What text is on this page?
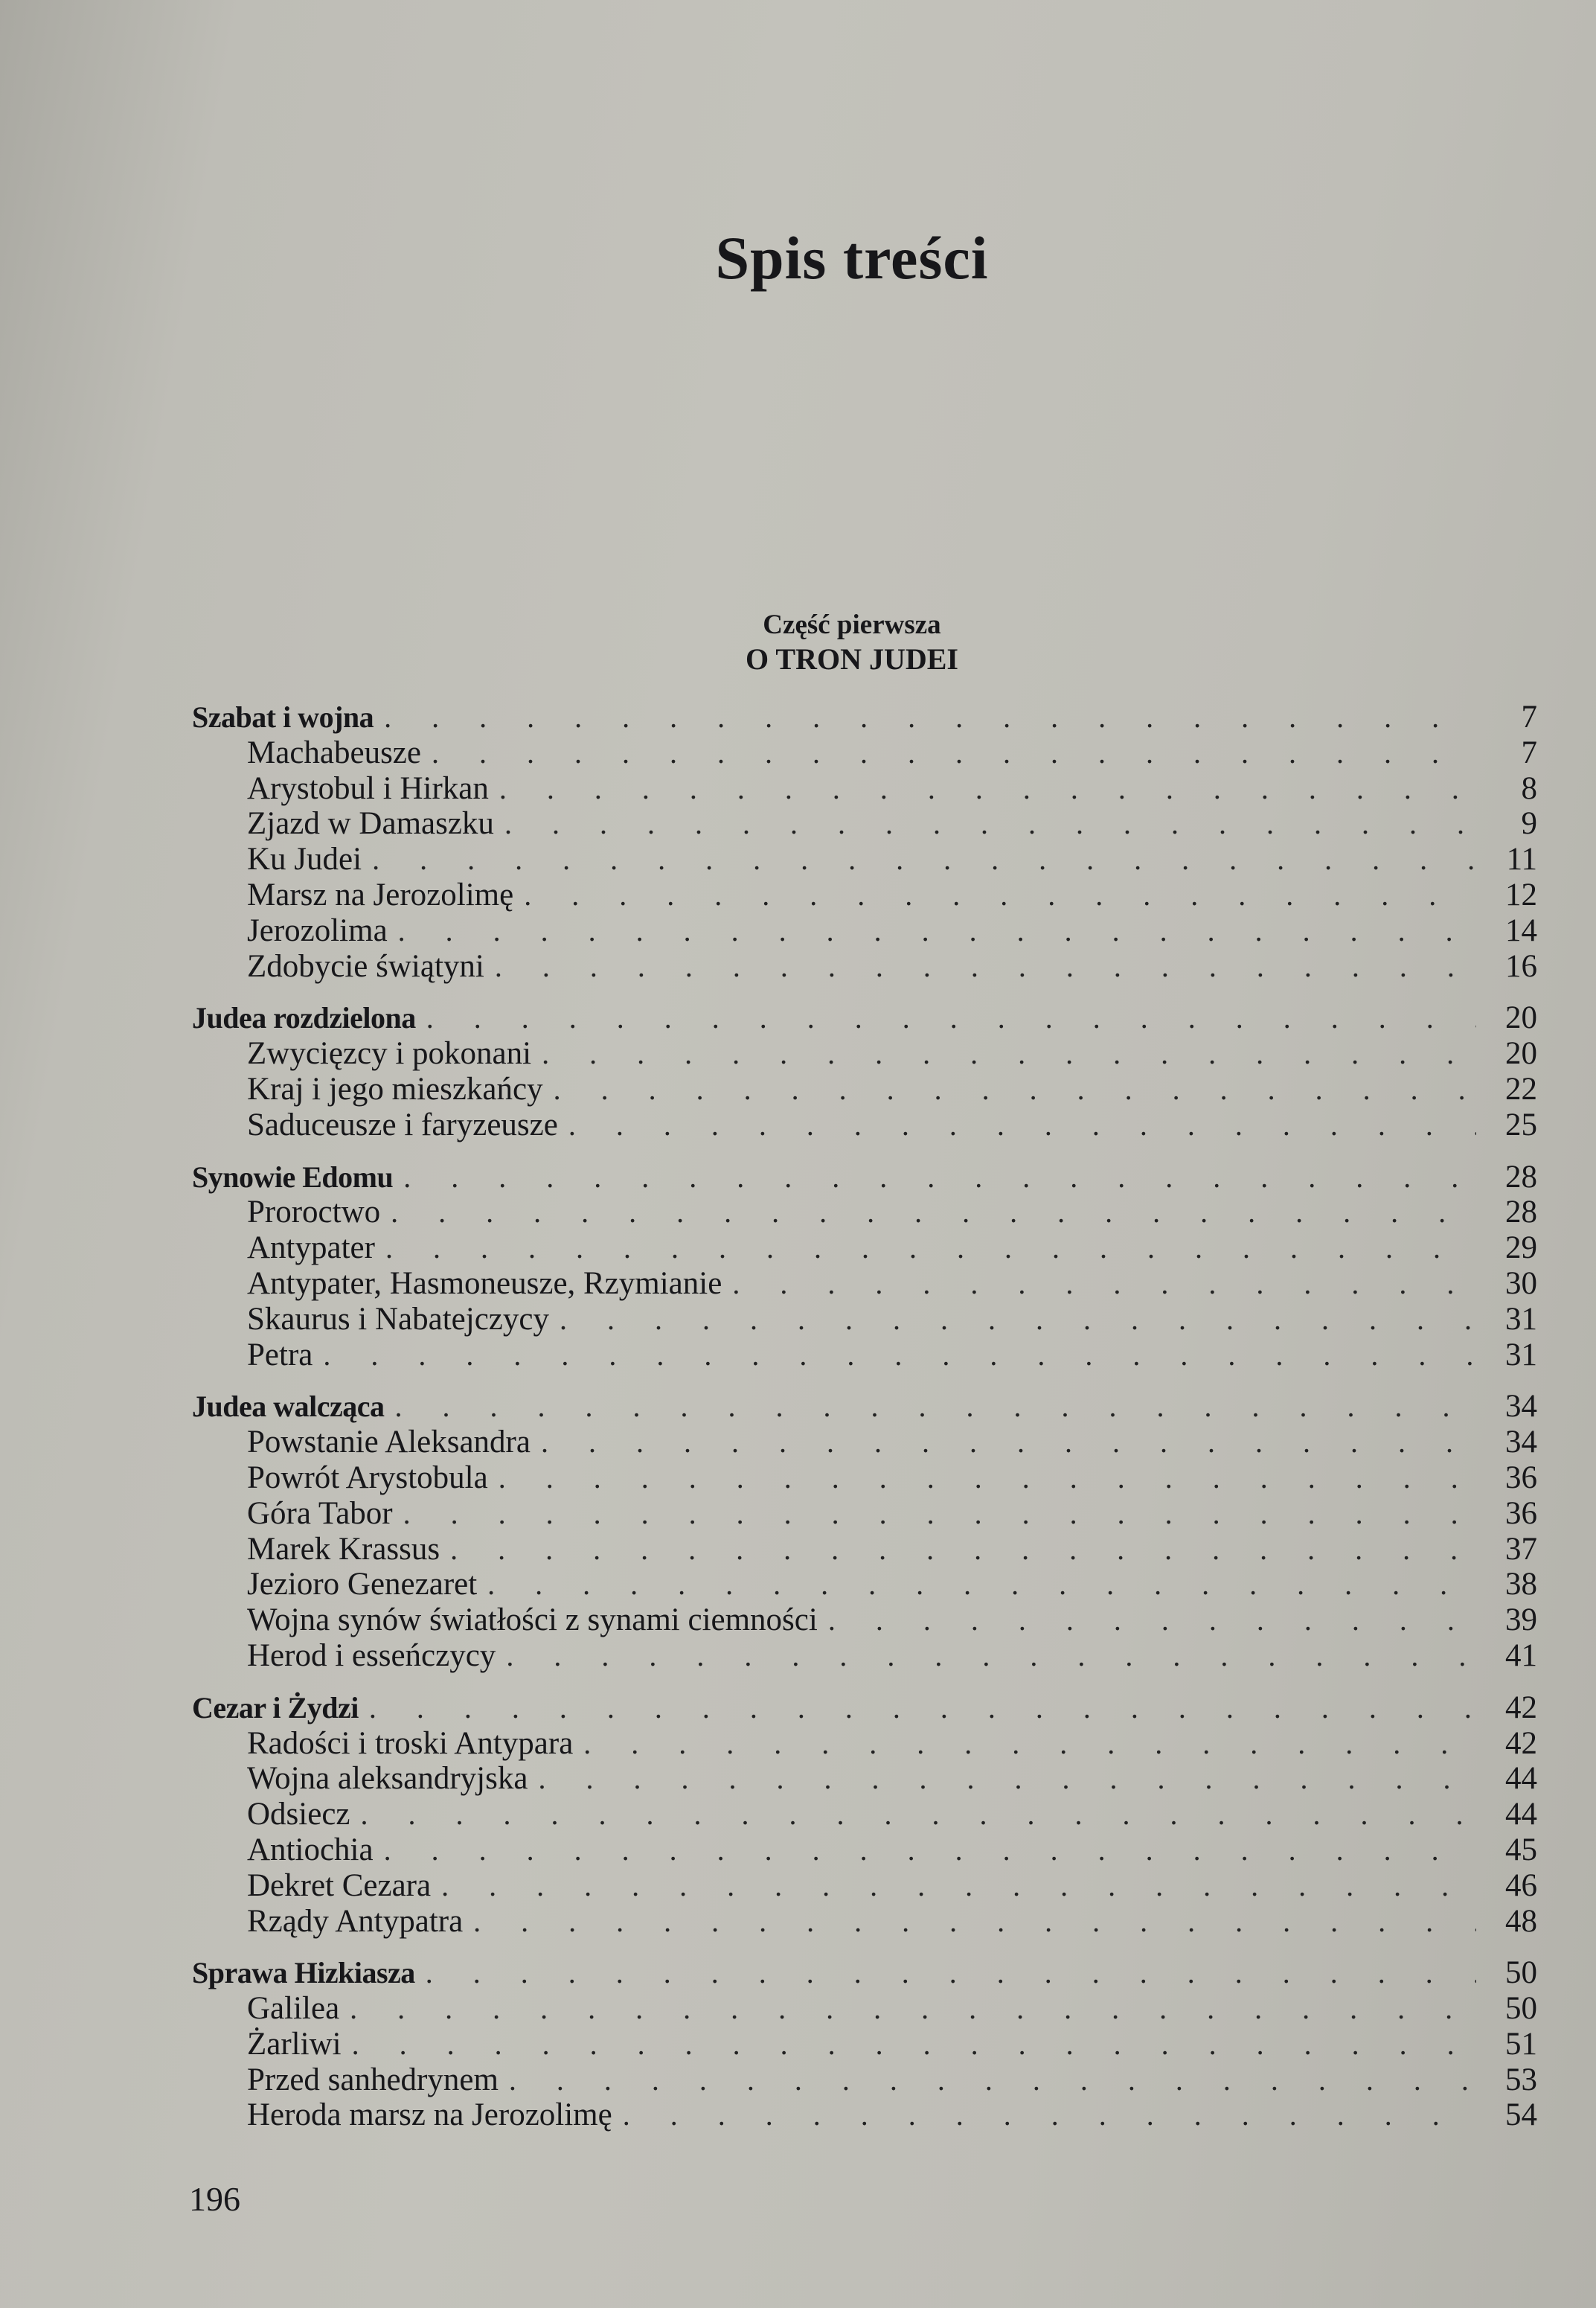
Spis treści
Część pierwsza
O TRON JUDEI
Szabat i wojna . . .	7
Machabeusze . . .	7
Arystobul i Hirkan . . .	8
Zjazd w Damaszku . . .	9
Ku Judei . . .	11
Marsz na Jerozolimę . . .	12
Jerozolima . . .	14
Zdobycie świątyni . . .	16
Judea rozdzielona . . .	20
Zwycięzcy i pokonani . . .	20
Kraj i jego mieszkańcy . . .	22
Saduceusze i faryzeusze . . .	25
Synowie Edomu . . .	28
Proroctwo . . .	28
Antypater . . .	29
Antypater, Hasmoneusze, Rzymianie . . .	30
Skaurus i Nabatejczycy . . .	31
Petra . . .	31
Judea walcząca . . .	34
Powstanie Aleksandra . . .	34
Powrót Arystobula . . .	36
Góra Tabor . . .	36
Marek Krassus . . .	37
Jezioro Genezaret . . .	38
Wojna synów światłości z synami ciemności . . .	39
Herod i esseńczycy . . .	41
Cezar i Żydzi . . .	42
Radości i troski Antypara . . .	42
Wojna aleksandryjska . . .	44
Odsiecz . . .	44
Antiochia . . .	45
Dekret Cezara . . .	46
Rządy Antypatra . . .	48
Sprawa Hizkiasza . . .	50
Galilea . . .	50
Żarliwi . . .	51
Przed sanhedrynem . . .	53
Heroda marsz na Jerozolimę . . .	54
196
